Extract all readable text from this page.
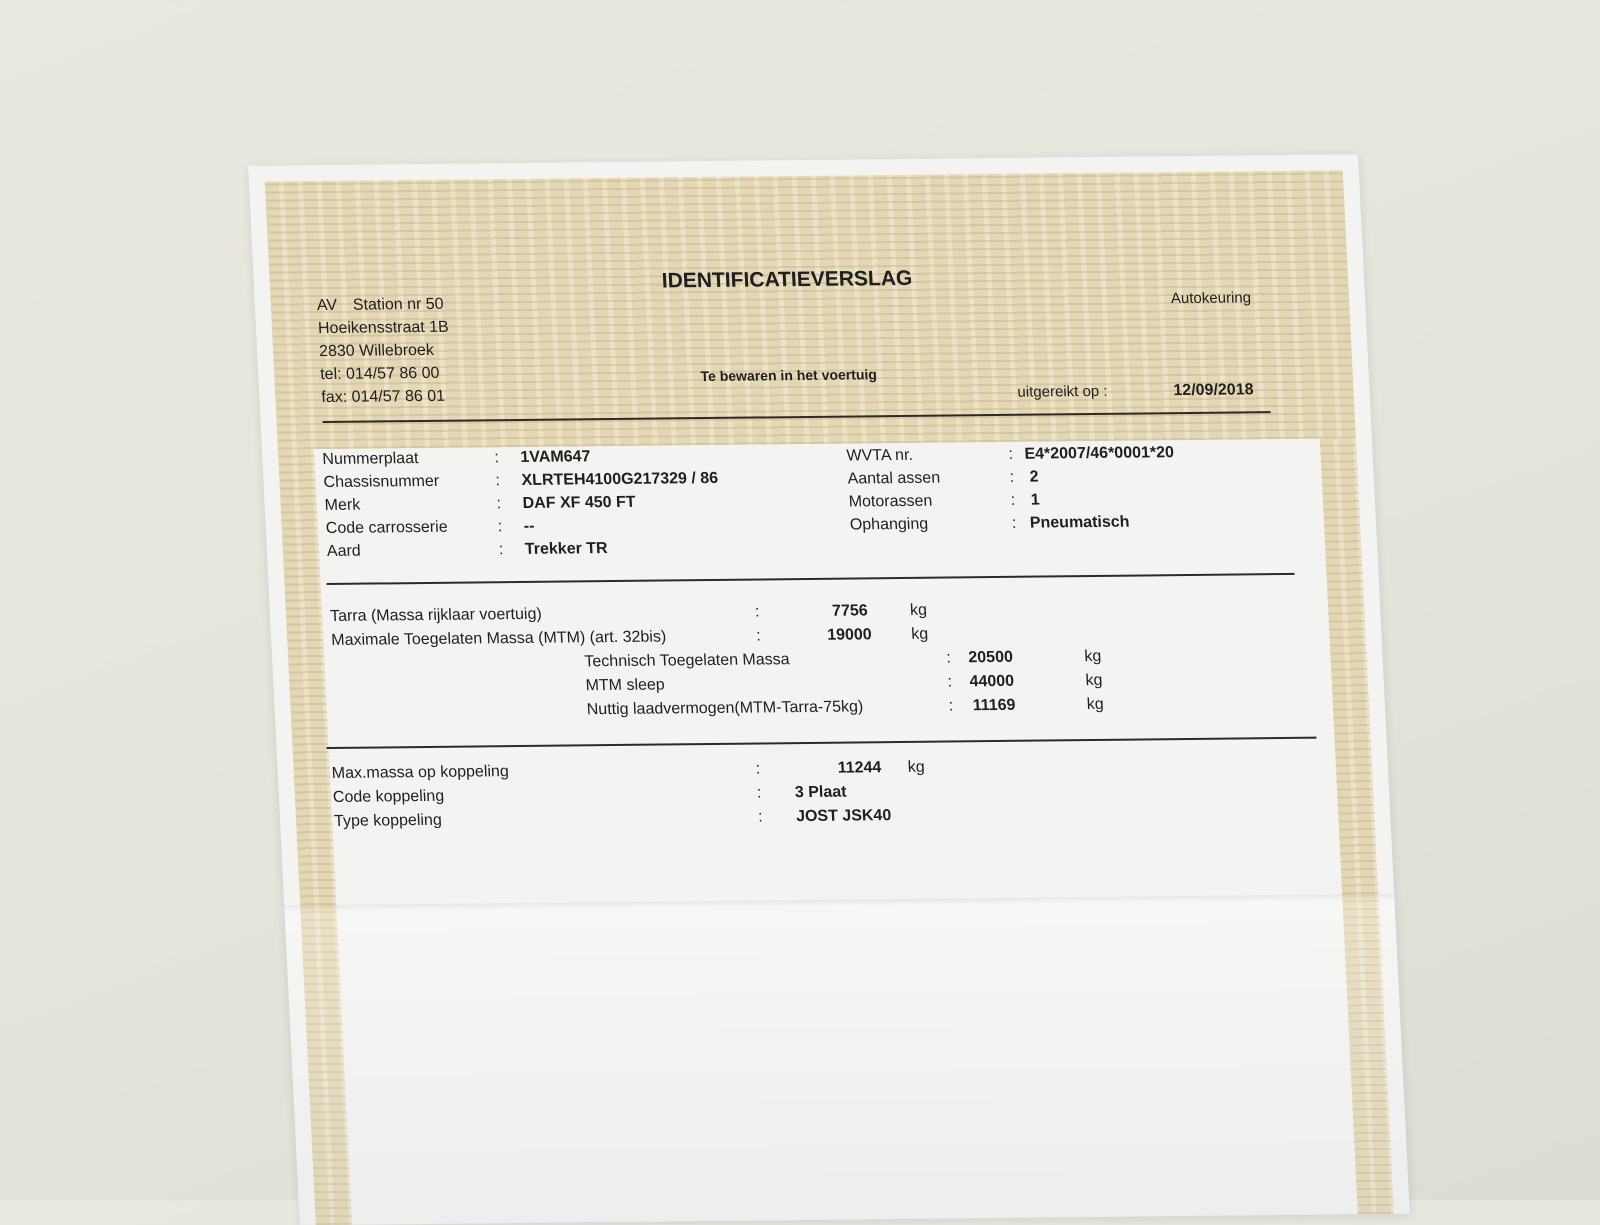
IDENTIFICATIEVERSLAG
AV Station nr 50
Hoeikensstraat 1B
2830 Willebroek
tel: 014/57 86 00
fax: 014/57 86 01
Te bewaren in het voertuig
Autokeuring
uitgereikt op :	12/09/2018
Nummerplaat	: 1VAM647
Chassisnummer	: XLRTEH4100G217329 / 86
Merk	: DAF XF 450 FT
Code carrosserie	: --
Aard	: Trekker TR
WVTA nr.	: E4*2007/46*0001*20
Aantal assen	: 2
Motorassen	: 1
Ophanging	: Pneumatisch
Tarra (Massa rijklaar voertuig)	:	7756	kg
Maximale Toegelaten Massa (MTM) (art. 32bis)	:	19000 kg
Technisch Toegelaten Massa	: 20500	kg
MTM sleep	: 44000	kg
Nuttig laadvermogen(MTM-Tarra-75kg)	: 11169	kg
Max.massa op koppeling	:	11244 kg
Code koppeling	: 3 Plaat
Type koppeling	: JOST JSK40
